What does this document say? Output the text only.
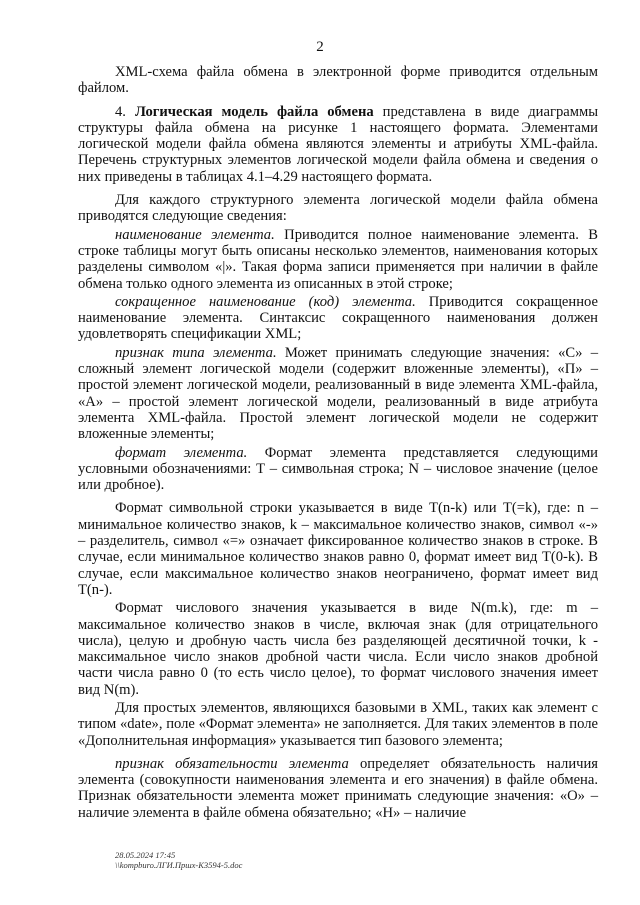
2

XML-схема файла обмена в электронной форме приводится отдельным файлом.

4. Логическая модель файла обмена представлена в виде диаграммы структуры файла обмена на рисунке 1 настоящего формата. Элементами логической модели файла обмена являются элементы и атрибуты XML-файла. Перечень структурных элементов логической модели файла обмена и сведения о них приведены в таблицах 4.1–4.29 настоящего формата.

Для каждого структурного элемента логической модели файла обмена приводятся следующие сведения:

наименование элемента. Приводится полное наименование элемента. В строке таблицы могут быть описаны несколько элементов, наименования которых разделены символом «|». Такая форма записи применяется при наличии в файле обмена только одного элемента из описанных в этой строке;

сокращенное наименование (код) элемента. Приводится сокращенное наименование элемента. Синтаксис сокращенного наименования должен удовлетворять спецификации XML;

признак типа элемента. Может принимать следующие значения: «С» – сложный элемент логической модели (содержит вложенные элементы), «П» – простой элемент логической модели, реализованный в виде элемента XML-файла, «А» – простой элемент логической модели, реализованный в виде атрибута элемента XML-файла. Простой элемент логической модели не содержит вложенные элементы;

формат элемента. Формат элемента представляется следующими условными обозначениями: Т – символьная строка; N – числовое значение (целое или дробное).

Формат символьной строки указывается в виде Т(n-k) или Т(=k), где: n – минимальное количество знаков, k – максимальное количество знаков, символ «-» – разделитель, символ «=» означает фиксированное количество знаков в строке. В случае, если минимальное количество знаков равно 0, формат имеет вид Т(0-k). В случае, если максимальное количество знаков неограничено, формат имеет вид Т(n-).

Формат числового значения указывается в виде N(m.k), где: m – максимальное количество знаков в числе, включая знак (для отрицательного числа), целую и дробную часть числа без разделяющей десятичной точки, k - максимальное число знаков дробной части числа. Если число знаков дробной части числа равно 0 (то есть число целое), то формат числового значения имеет вид N(m).

Для простых элементов, являющихся базовыми в XML, таких как элемент с типом «date», поле «Формат элемента» не заполняется. Для таких элементов в поле «Дополнительная информация» указывается тип базового элемента;

признак обязательности элемента определяет обязательность наличия элемента (совокупности наименования элемента и его значения) в файле обмена. Признак обязательности элемента может принимать следующие значения: «О» – наличие элемента в файле обмена обязательно; «Н» – наличие

28.05.2024 17:45
\\kompburo.ЛГИ.Пршх-К3594-5.doc
